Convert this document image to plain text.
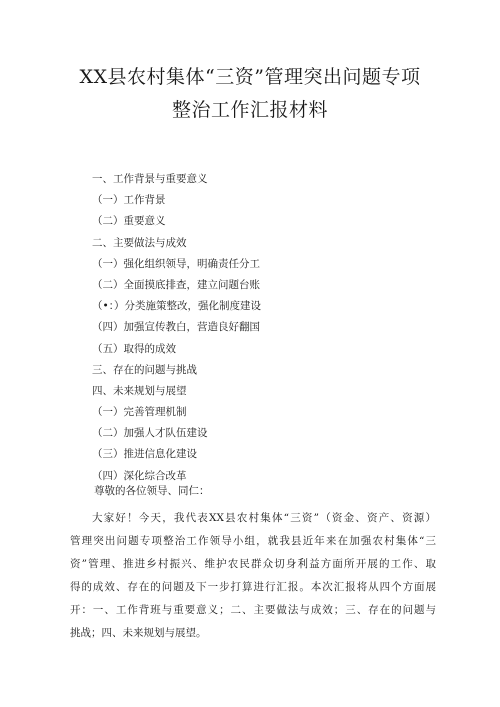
XX县农村集体“三资”管理突出问题专项
整治工作汇报材料
一、工作背景与重要意义
（一）工作背景
（二）重要意义
二、主要做法与成效
（一）强化组织领导，明确责任分工
（二）全面摸底排查，建立问题台账
（•：）分类施策整改，强化制度建设
（四）加强宣传教白，营造良好翻国
（五）取得的成效
三、存在的问题与挑战
四、未来规划与展望
（一）完善管理机制
（二）加强人才队伍建设
（三）推进信息化建设
（四）深化综合改革
尊敬的各位领导、同仁：
大家好！今天，我代表XX县农村集体“三资”（资金、资产、资源）
管理突出问题专项整治工作领导小组，就我县近年来在加强农村集体“三
资”管理、推进乡村振兴、维护农民群众切身利益方面所开展的工作、取
得的成效、存在的问题及下一步打算进行汇报。本次汇报将从四个方面展
开：一、工作背班与重要意义；二、主要做法与成效；三、存在的问题与
挑战；四、未来规划与展望。
